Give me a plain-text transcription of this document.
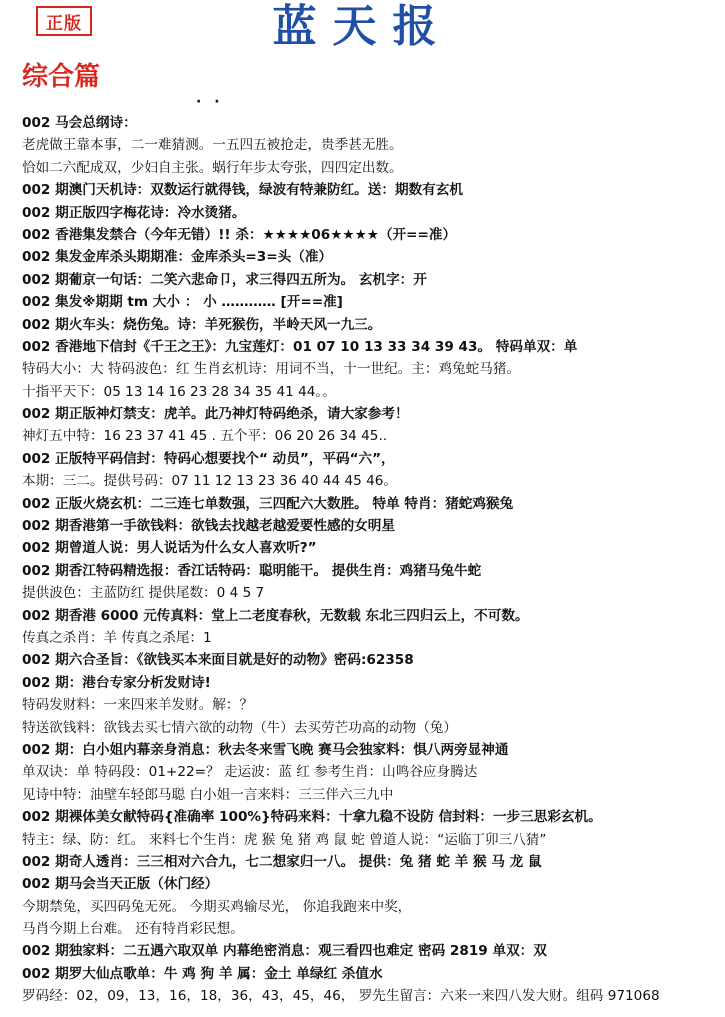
正版	蓝天报
综合篇
· ·
002 马会总纲诗：
老虎做王靠本事，二一难猜测。一五四五被抢走，贵季甚无胜。
恰如二六配成双，少妇自主张。蜗行年步太夸张，四四定出数。
002 期澳门天机诗：双数运行就得钱，绿波有特兼防红。送：期数有玄机
002 期正版四字梅花诗：冷水烫猪。
002 香港集发禁合（今年无错）!! 杀：★★★★06★★★★（开==准）
002 集发金库杀头期期准：金库杀头=3=头（准）
002 期葡京一句话：二笑六悲命卩，求三得四五所为。 玄机字：开
002 集发※期期 tm 大小 ： 小 ………… [开==准]
002 期火车头：烧伤兔。诗：羊死猴伤，半岭天风一九三。
002 香港地下信封《千王之王》：九宝莲灯：01 07 10 13 33 34 39 43。 特码单双：单
特码大小：大 特码波色：红 生肖玄机诗：用词不当，十一世纪。主：鸡兔蛇马猪。
十指平天下：05 13 14 16 23 28 34 35 41 44。。
002 期正版神灯禁支：虎羊。此乃神灯特码绝杀，请大家参考！
神灯五中特：16 23 37 41 45 . 五个平：06 20 26 34 45..
002 正版特平码信封：特码心想要找个“ 动员”，平码“六”，
本期：三二。提供号码：07 11 12 13 23 36 40 44 45 46。
002 正版火烧玄机：二三连七单数强，三四配六大数胜。 特单 特肖：猪蛇鸡猴兔
002 期香港第一手欲钱料：欲钱去找越老越爱要性感的女明星
002 期曾道人说：男人说话为什么女人喜欢听?”
002 期香江特码精选报：香江话特码：聪明能干。 提供生肖：鸡猪马兔牛蛇
提供波色：主蓝防红 提供尾数：0 4 5 7
002 期香港 6000 元传真料：堂上二老度春秋，无数载 东北三四归云上，不可数。
传真之杀肖：羊 传真之杀尾：1
002 期六合圣旨：《欲钱买本来面目就是好的动物》密码:62358
002 期：港台专家分析发财诗!
特码发财料：一来四来羊发财。解：？
特送欲钱料：欲钱去买七情六欲的动物（牛）去买劳芒功高的动物（兔）
002 期：白小姐内幕亲身消息：秋去冬来雪飞晚 赛马会独家料：惧八两旁显神通
单双诀：单 特码段：01+22=？ 走运波：蓝 红 参考生肖：山鸣谷应身腾达
见诗中特：油壁车轻郎马聪 白小姐一言来料：三三伴六三九中
002 期裸体美女献特码{准确率 100%}特码来料：十拿九稳不设防 信封料：一步三思彩玄机。
特主：绿、防：红。 来料七个生肖：虎 猴 兔 猪 鸡 鼠 蛇 曾道人说：“运临丁卯三八猜”
002 期奇人透肖：三三相对六合九，七二想家归一八。 提供：兔 猪 蛇 羊 猴 马 龙 鼠
002 期马会当天正版（休门经）
今期禁兔，买四码兔无死。 今期买鸡输尽光， 你追我跑来中奖，
马肖今期上台难。 还有特肖彩民想。
002 期独家料：二五遇六取双单 内幕绝密消息：观三看四也难定 密码 2819 单双：双
002 期罗大仙点歌单：牛 鸡 狗 羊 属：金土 单绿红 杀值水
罗码经：02，09，13，16，18，36，43，45，46， 罗先生留言：六来一来四八发大财。组码 971068
